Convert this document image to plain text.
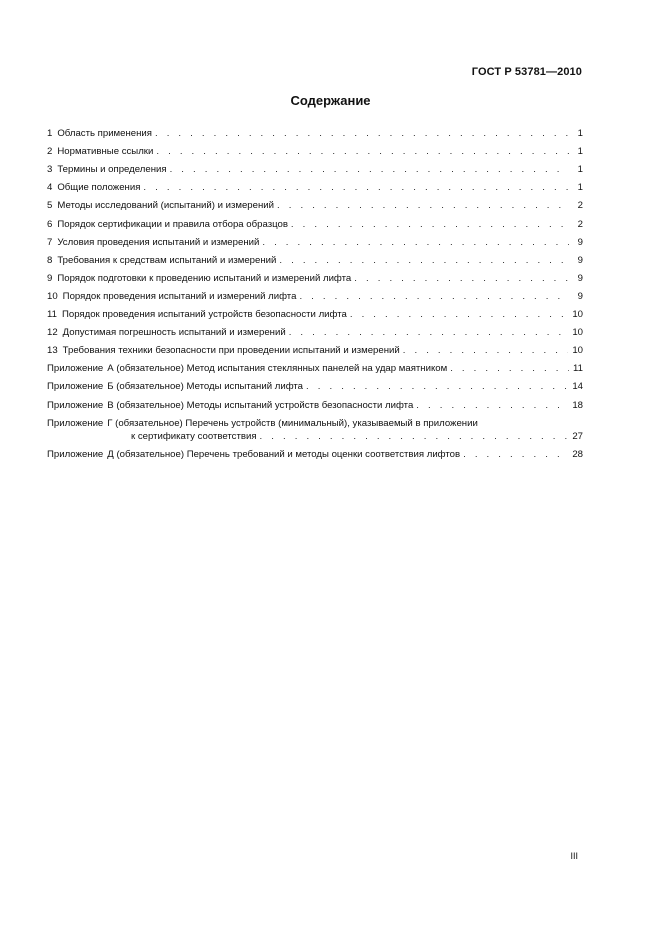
ГОСТ Р 53781—2010
Содержание
1 Область применения . . .	1
2 Нормативные ссылки . . .	1
3 Термины и определения . . .	1
4 Общие положения . . .	1
5 Методы исследований (испытаний) и измерений . . .	2
6 Порядок сертификации и правила отбора образцов . . .	2
7 Условия проведения испытаний и измерений . . .	9
8 Требования к средствам испытаний и измерений . . .	9
9 Порядок подготовки к проведению испытаний и измерений лифта . . .	9
10 Порядок проведения испытаний и измерений лифта . . .	9
11 Порядок проведения испытаний устройств безопасности лифта . . .	10
12 Допустимая погрешность испытаний и измерений . . .	10
13 Требования техники безопасности при проведении испытаний и измерений . . .	10
Приложение А (обязательное) Метод испытания стеклянных панелей на удар маятником . . .	11
Приложение Б (обязательное) Методы испытаний лифта . . .	14
Приложение В (обязательное) Методы испытаний устройств безопасности лифта . . .	18
Приложение Г (обязательное) Перечень устройств (минимальный), указываемый в приложении
к сертификату соответствия . . .	27
Приложение Д (обязательное) Перечень требований и методы оценки соответствия лифтов . . .	28
III
